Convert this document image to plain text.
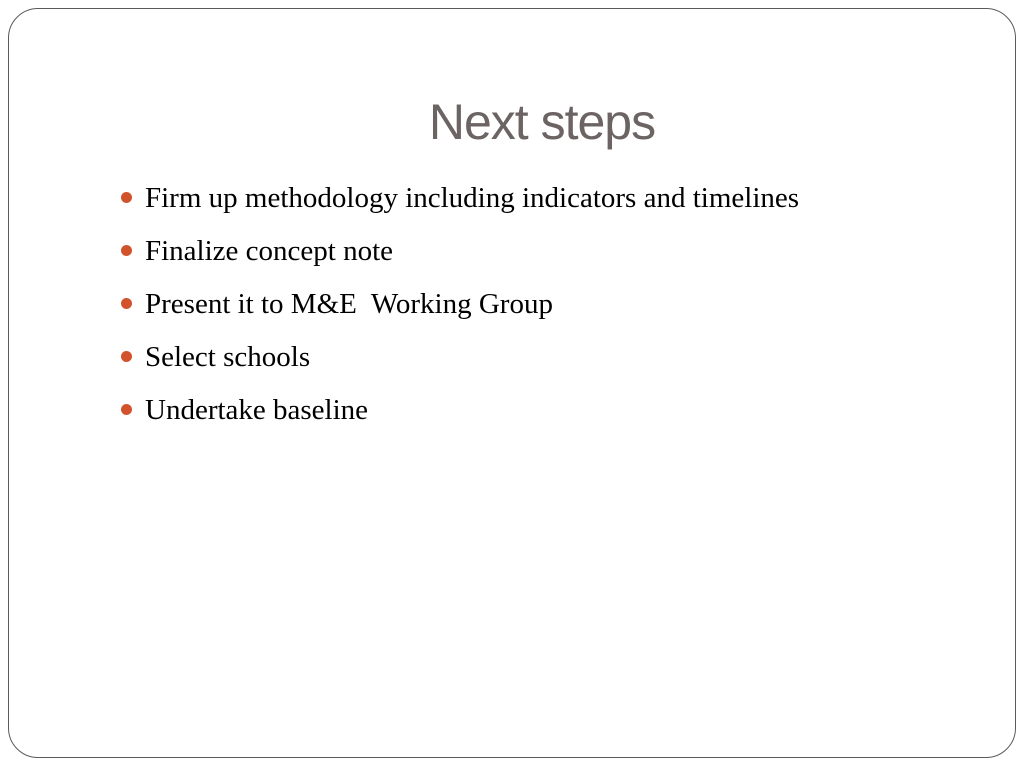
Next steps
Firm up methodology including indicators and timelines
Finalize concept note
Present it to M&E  Working Group
Select schools
Undertake baseline
